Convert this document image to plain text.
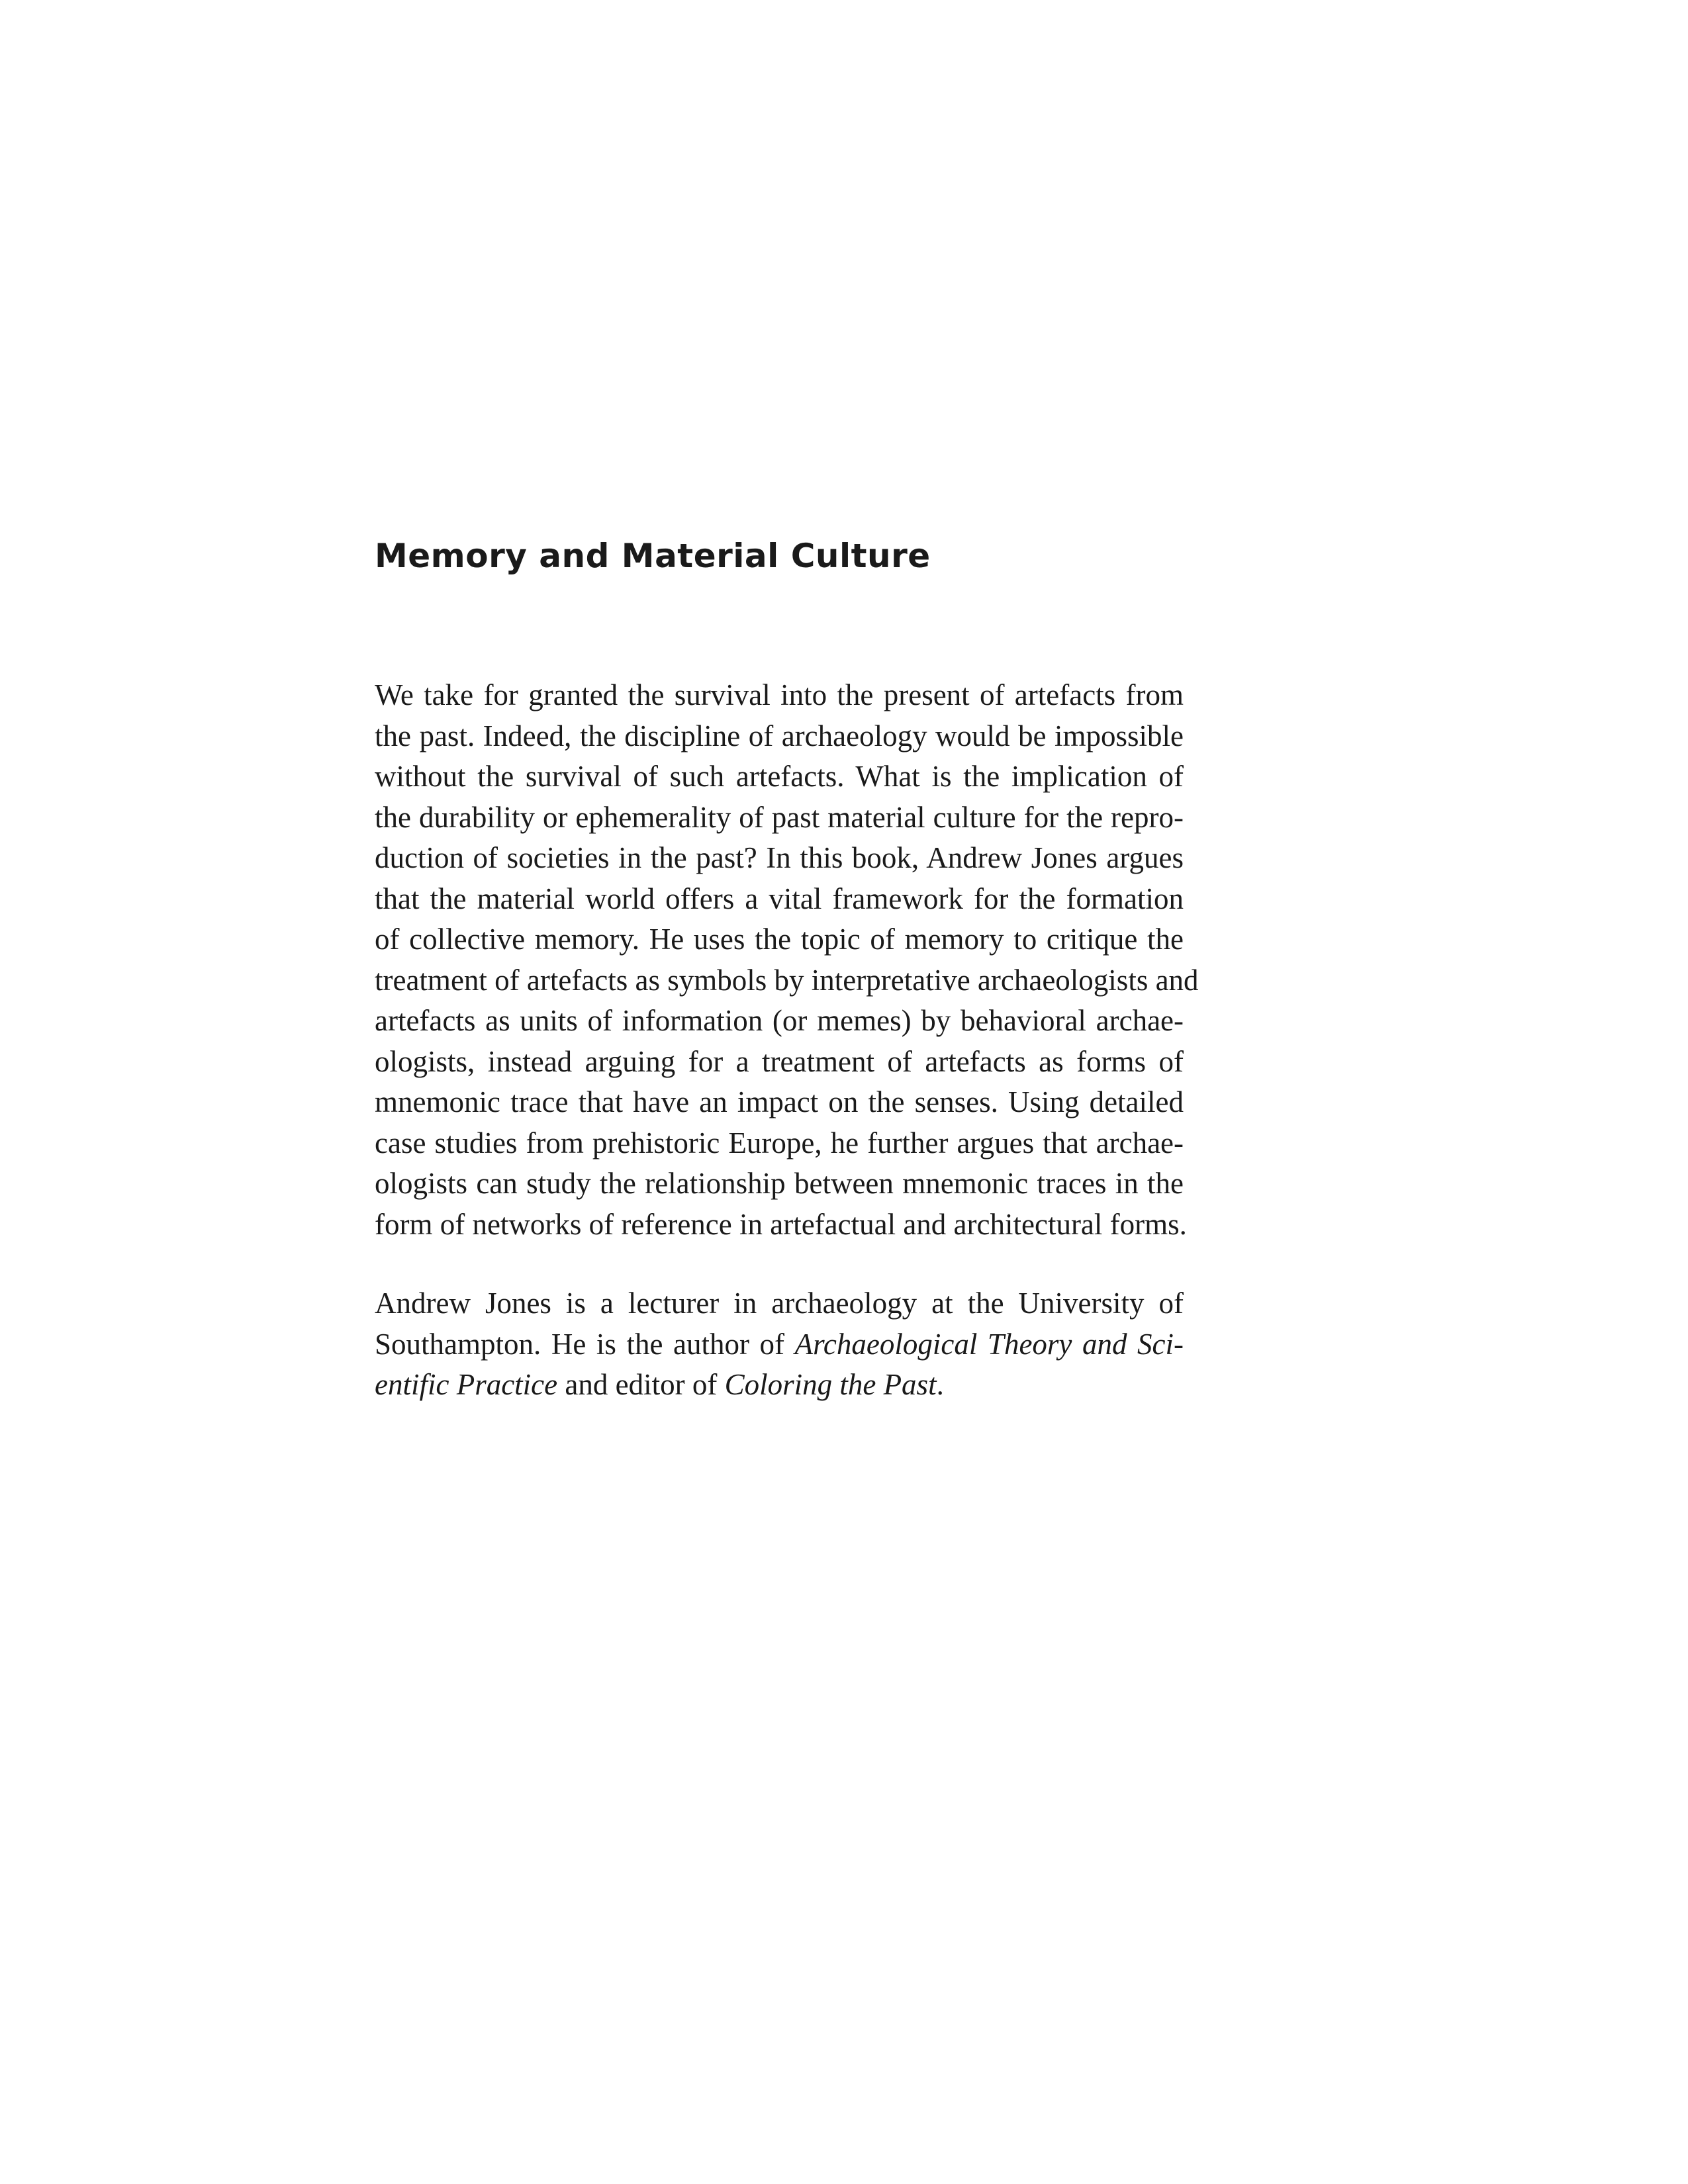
Memory and Material Culture

We take for granted the survival into the present of artefacts from
the past. Indeed, the discipline of archaeology would be impossible
without the survival of such artefacts. What is the implication of
the durability or ephemerality of past material culture for the repro-
duction of societies in the past? In this book, Andrew Jones argues
that the material world offers a vital framework for the formation
of collective memory. He uses the topic of memory to critique the
treatment of artefacts as symbols by interpretative archaeologists and
artefacts as units of information (or memes) by behavioral archae-
ologists, instead arguing for a treatment of artefacts as forms of
mnemonic trace that have an impact on the senses. Using detailed
case studies from prehistoric Europe, he further argues that archae-
ologists can study the relationship between mnemonic traces in the
form of networks of reference in artefactual and architectural forms.

Andrew Jones is a lecturer in archaeology at the University of
Southampton. He is the author of Archaeological Theory and Sci-
entific Practice and editor of Coloring the Past.
